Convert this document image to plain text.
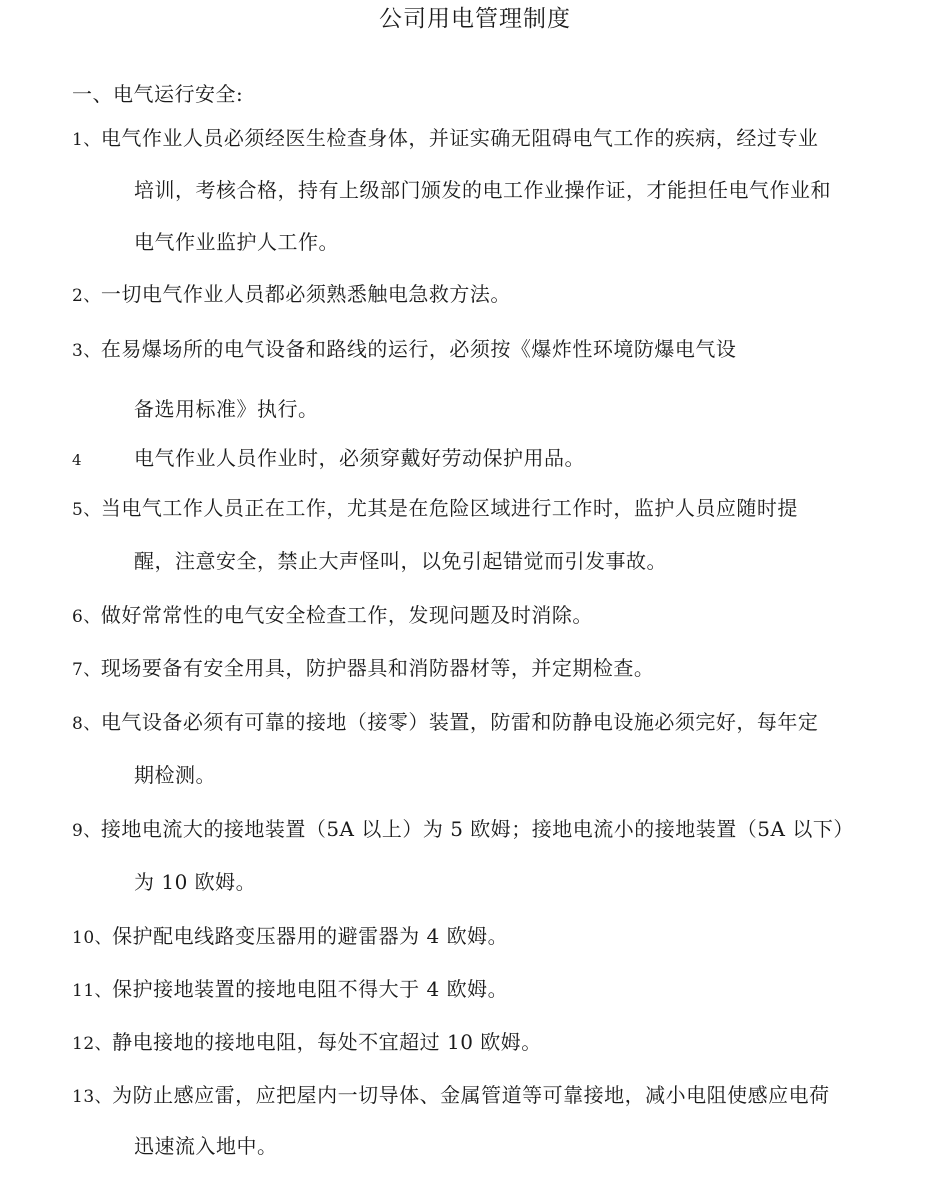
公司用电管理制度
一、电气运行安全:
1、电气作业人员必须经医生检查身体，并证实确无阻碍电气工作的疾病，经过专业
培训，考核合格，持有上级部门颁发的电工作业操作证，才能担任电气作业和
电气作业监护人工作。
2、一切电气作业人员都必须熟悉触电急救方法。
3、在易爆场所的电气设备和路线的运行，必须按《爆炸性环境防爆电气设
备选用标准》执行。
4	电气作业人员作业时，必须穿戴好劳动保护用品。
5、当电气工作人员正在工作，尤其是在危险区域进行工作时，监护人员应随时提
醒，注意安全，禁止大声怪叫，以免引起错觉而引发事故。
6、做好常常性的电气安全检查工作，发现问题及时消除。
7、现场要备有安全用具，防护器具和消防器材等，并定期检查。
8、电气设备必须有可靠的接地（接零）装置，防雷和防静电设施必须完好，每年定
期检测。
9、接地电流大的接地装置（5A 以上）为 5 欧姆；接地电流小的接地装置（5A 以下）
为 10 欧姆。
10、保护配电线路变压器用的避雷器为 4 欧姆。
11、保护接地装置的接地电阻不得大于 4 欧姆。
12、静电接地的接地电阻，每处不宜超过 10 欧姆。
13、为防止感应雷，应把屋内一切导体、金属管道等可靠接地，减小电阻使感应电荷
迅速流入地中。
